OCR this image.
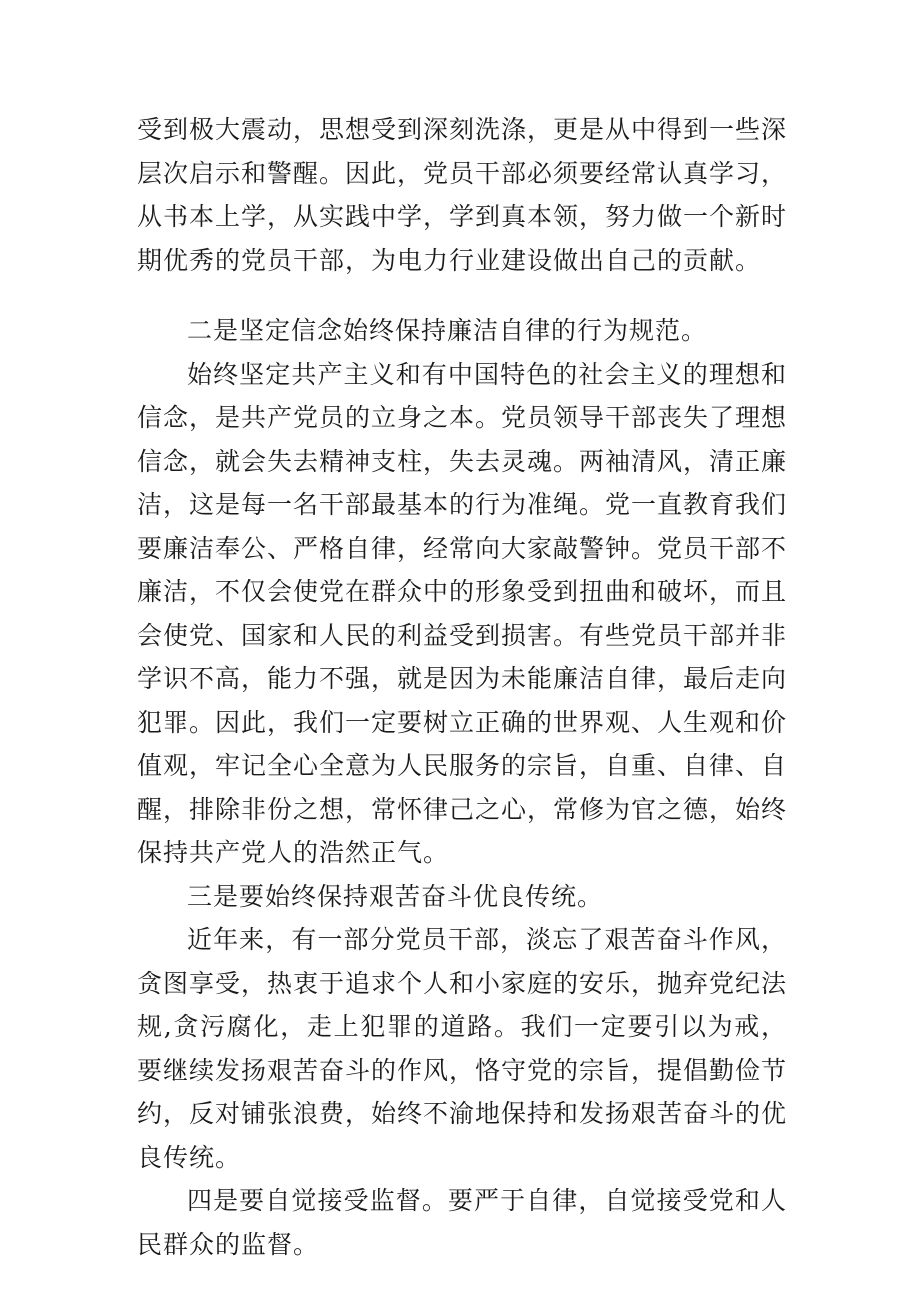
受到极大震动，思想受到深刻洗涤，更是从中得到一些深层次启示和警醒。因此，党员干部必须要经常认真学习，从书本上学，从实践中学，学到真本领，努力做一个新时期优秀的党员干部，为电力行业建设做出自己的贡献。

二是坚定信念始终保持廉洁自律的行为规范。

始终坚定共产主义和有中国特色的社会主义的理想和信念，是共产党员的立身之本。党员领导干部丧失了理想信念，就会失去精神支柱，失去灵魂。两袖清风，清正廉洁，这是每一名干部最基本的行为准绳。党一直教育我们要廉洁奉公、严格自律，经常向大家敲警钟。党员干部不廉洁，不仅会使党在群众中的形象受到扭曲和破坏，而且会使党、国家和人民的利益受到损害。有些党员干部并非学识不高，能力不强，就是因为未能廉洁自律，最后走向犯罪。因此，我们一定要树立正确的世界观、人生观和价值观，牢记全心全意为人民服务的宗旨，自重、自律、自醒，排除非份之想，常怀律己之心，常修为官之德，始终保持共产党人的浩然正气。

三是要始终保持艰苦奋斗优良传统。

近年来，有一部分党员干部，淡忘了艰苦奋斗作风，贪图享受，热衷于追求个人和小家庭的安乐，抛弃党纪法规,贪污腐化，走上犯罪的道路。我们一定要引以为戒，要继续发扬艰苦奋斗的作风，恪守党的宗旨，提倡勤俭节约，反对铺张浪费，始终不渝地保持和发扬艰苦奋斗的优良传统。

四是要自觉接受监督。要严于自律，自觉接受党和人民群众的监督。
